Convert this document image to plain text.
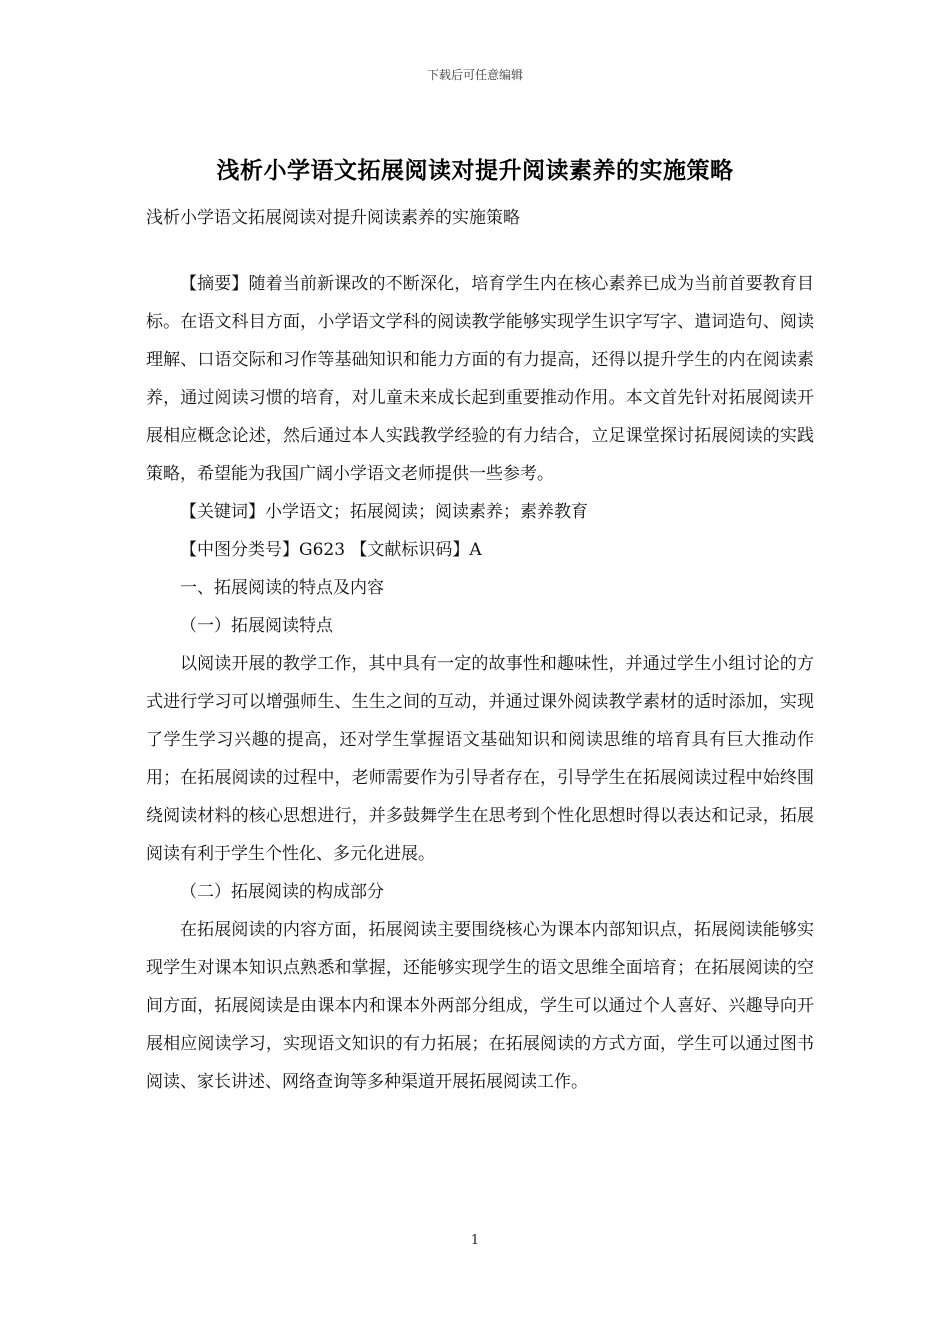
下载后可任意编辑
浅析小学语文拓展阅读对提升阅读素养的实施策略
浅析小学语文拓展阅读对提升阅读素养的实施策略

【摘要】随着当前新课改的不断深化，培育学生内在核心素养已成为当前首要教育目标。在语文科目方面，小学语文学科的阅读教学能够实现学生识字写字、遣词造句、阅读理解、口语交际和习作等基础知识和能力方面的有力提高，还得以提升学生的内在阅读素养，通过阅读习惯的培育，对儿童未来成长起到重要推动作用。本文首先针对拓展阅读开展相应概念论述，然后通过本人实践教学经验的有力结合，立足课堂探讨拓展阅读的实践策略，希望能为我国广阔小学语文老师提供一些参考。

【关键词】小学语文；拓展阅读；阅读素养；素养教育

【中图分类号】G623 【文献标识码】A

一、拓展阅读的特点及内容

（一）拓展阅读特点

以阅读开展的教学工作，其中具有一定的故事性和趣味性，并通过学生小组讨论的方式进行学习可以增强师生、生生之间的互动，并通过课外阅读教学素材的适时添加，实现了学生学习兴趣的提高，还对学生掌握语文基础知识和阅读思维的培育具有巨大推动作用；在拓展阅读的过程中，老师需要作为引导者存在，引导学生在拓展阅读过程中始终围绕阅读材料的核心思想进行，并多鼓舞学生在思考到个性化思想时得以表达和记录，拓展阅读有利于学生个性化、多元化进展。

（二）拓展阅读的构成部分

在拓展阅读的内容方面，拓展阅读主要围绕核心为课本内部知识点，拓展阅读能够实现学生对课本知识点熟悉和掌握，还能够实现学生的语文思维全面培育；在拓展阅读的空间方面，拓展阅读是由课本内和课本外两部分组成，学生可以通过个人喜好、兴趣导向开展相应阅读学习，实现语文知识的有力拓展；在拓展阅读的方式方面，学生可以通过图书阅读、家长讲述、网络查询等多种渠道开展拓展阅读工作。

1
